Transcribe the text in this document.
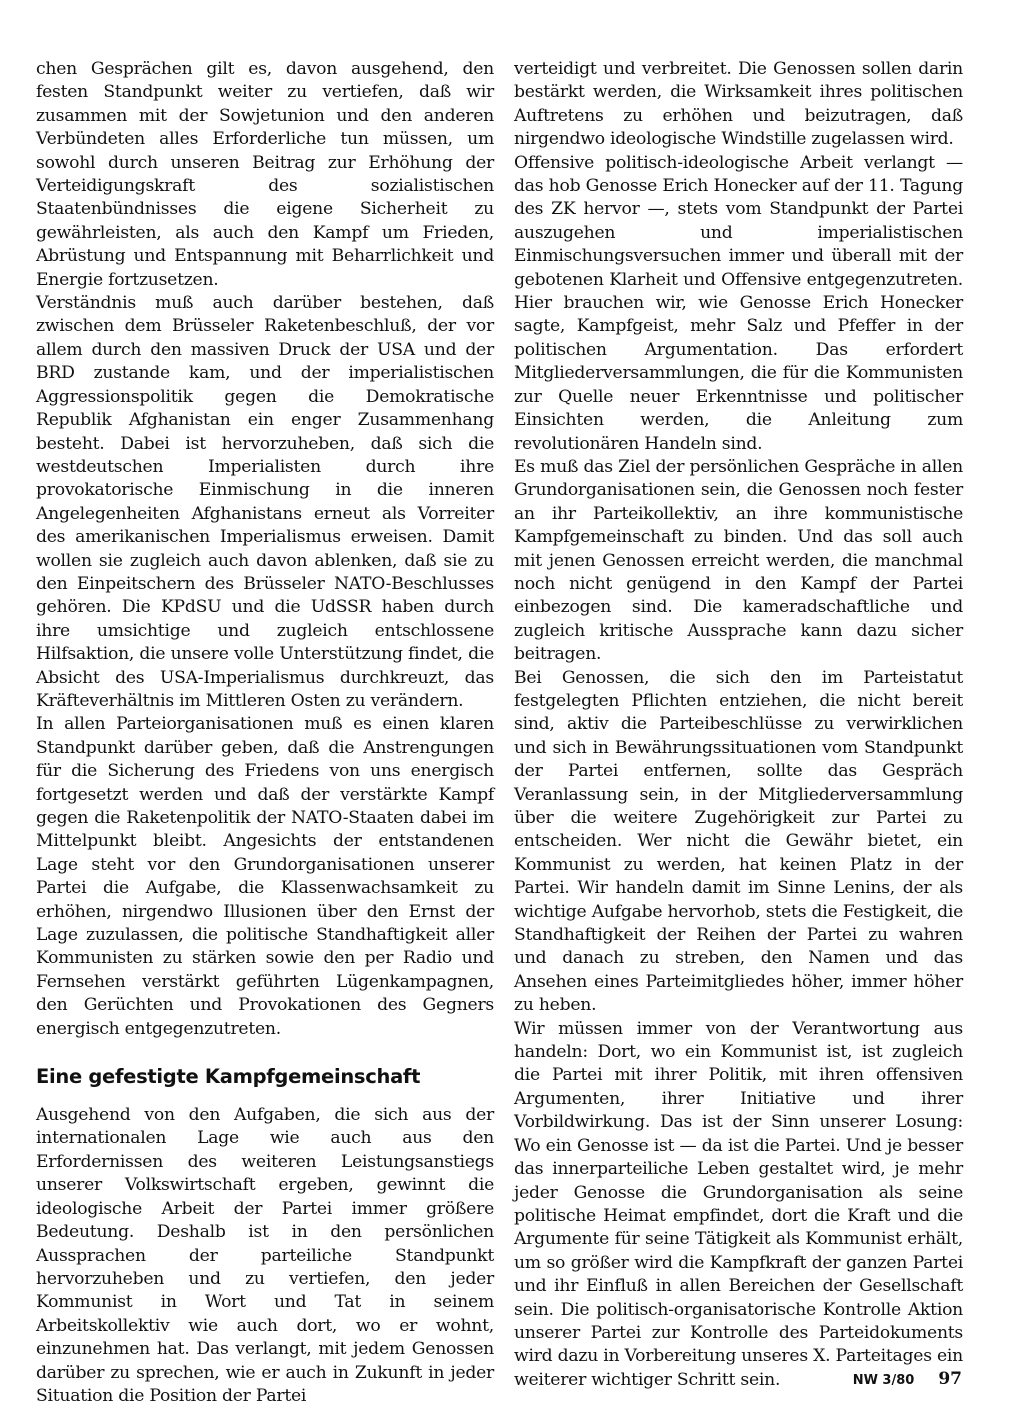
chen Gesprächen gilt es, davon ausgehend, den festen Standpunkt weiter zu vertiefen, daß wir zusammen mit der Sowjetunion und den anderen Verbündeten alles Erforderliche tun müssen, um sowohl durch unseren Beitrag zur Erhöhung der Verteidigungskraft des sozialistischen Staatenbündnisses die eigene Sicherheit zu gewährleisten, als auch den Kampf um Frieden, Abrüstung und Entspannung mit Beharrlichkeit und Energie fortzusetzen.

Verständnis muß auch darüber bestehen, daß zwischen dem Brüsseler Raketenbeschluß, der vor allem durch den massiven Druck der USA und der BRD zustande kam, und der imperialistischen Aggressionspolitik gegen die Demokratische Republik Afghanistan ein enger Zusammenhang besteht. Dabei ist hervorzuheben, daß sich die westdeutschen Imperialisten durch ihre provokatorische Einmischung in die inneren Angelegenheiten Afghanistans erneut als Vorreiter des amerikanischen Imperialismus erweisen. Damit wollen sie zugleich auch davon ablenken, daß sie zu den Einpeitschern des Brüsseler NATO-Beschlusses gehören. Die KPdSU und die UdSSR haben durch ihre umsichtige und zugleich entschlossene Hilfsaktion, die unsere volle Unterstützung findet, die Absicht des USA-Imperialismus durchkreuzt, das Kräfteverhältnis im Mittleren Osten zu verändern.

In allen Parteiorganisationen muß es einen klaren Standpunkt darüber geben, daß die Anstrengungen für die Sicherung des Friedens von uns energisch fortgesetzt werden und daß der verstärkte Kampf gegen die Raketenpolitik der NATO-Staaten dabei im Mittelpunkt bleibt. Angesichts der entstandenen Lage steht vor den Grundorganisationen unserer Partei die Aufgabe, die Klassenwachsamkeit zu erhöhen, nirgendwo Illusionen über den Ernst der Lage zuzulassen, die politische Standhaftigkeit aller Kommunisten zu stärken sowie den per Radio und Fernsehen verstärkt geführten Lügenkampagnen, den Gerüchten und Provokationen des Gegners energisch entgegenzutreten.

Eine gefestigte Kampfgemeinschaft

Ausgehend von den Aufgaben, die sich aus der internationalen Lage wie auch aus den Erfordernissen des weiteren Leistungsanstiegs unserer Volkswirtschaft ergeben, gewinnt die ideologische Arbeit der Partei immer größere Bedeutung. Deshalb ist in den persönlichen Aussprachen der parteiliche Standpunkt hervorzuheben und zu vertiefen, den jeder Kommunist in Wort und Tat in seinem Arbeitskollektiv wie auch dort, wo er wohnt, einzunehmen hat. Das verlangt, mit jedem Genossen darüber zu sprechen, wie er auch in Zukunft in jeder Situation die Position der Partei

verteidigt und verbreitet. Die Genossen sollen darin bestärkt werden, die Wirksamkeit ihres politischen Auftretens zu erhöhen und beizutragen, daß nirgendwo ideologische Windstille zugelassen wird.

Offensive politisch-ideologische Arbeit verlangt — das hob Genosse Erich Honecker auf der 11. Tagung des ZK hervor —, stets vom Standpunkt der Partei auszugehen und imperialistischen Einmischungsversuchen immer und überall mit der gebotenen Klarheit und Offensive entgegenzutreten. Hier brauchen wir, wie Genosse Erich Honecker sagte, Kampfgeist, mehr Salz und Pfeffer in der politischen Argumentation. Das erfordert Mitgliederversammlungen, die für die Kommunisten zur Quelle neuer Erkenntnisse und politischer Einsichten werden, die Anleitung zum revolutionären Handeln sind.

Es muß das Ziel der persönlichen Gespräche in allen Grundorganisationen sein, die Genossen noch fester an ihr Parteikollektiv, an ihre kommunistische Kampfgemeinschaft zu binden. Und das soll auch mit jenen Genossen erreicht werden, die manchmal noch nicht genügend in den Kampf der Partei einbezogen sind. Die kameradschaftliche und zugleich kritische Aussprache kann dazu sicher beitragen.

Bei Genossen, die sich den im Parteistatut festgelegten Pflichten entziehen, die nicht bereit sind, aktiv die Parteibeschlüsse zu verwirklichen und sich in Bewährungssituationen vom Standpunkt der Partei entfernen, sollte das Gespräch Veranlassung sein, in der Mitgliederversammlung über die weitere Zugehörigkeit zur Partei zu entscheiden. Wer nicht die Gewähr bietet, ein Kommunist zu werden, hat keinen Platz in der Partei. Wir handeln damit im Sinne Lenins, der als wichtige Aufgabe hervorhob, stets die Festigkeit, die Standhaftigkeit der Reihen der Partei zu wahren und danach zu streben, den Namen und das Ansehen eines Parteimitgliedes höher, immer höher zu heben.

Wir müssen immer von der Verantwortung aus handeln: Dort, wo ein Kommunist ist, ist zugleich die Partei mit ihrer Politik, mit ihren offensiven Argumenten, ihrer Initiative und ihrer Vorbildwirkung. Das ist der Sinn unserer Losung: Wo ein Genosse ist — da ist die Partei. Und je besser das innerparteiliche Leben gestaltet wird, je mehr jeder Genosse die Grundorganisation als seine politische Heimat empfindet, dort die Kraft und die Argumente für seine Tätigkeit als Kommunist erhält, um so größer wird die Kampfkraft der ganzen Partei und ihr Einfluß in allen Bereichen der Gesellschaft sein. Die politisch-organisatorische Kontrolle Aktion unserer Partei zur Kontrolle des Parteidokuments wird dazu in Vorbereitung unseres X. Parteitages ein weiterer wichtiger Schritt sein.	NW 3/80 97
